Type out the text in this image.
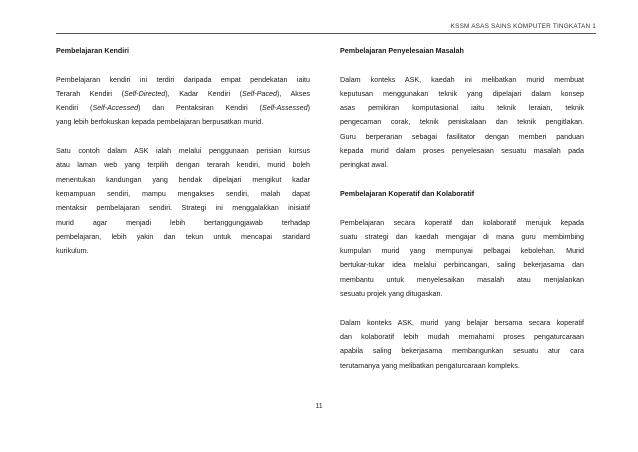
KSSM ASAS SAINS KOMPUTER TINGKATAN 1
Pembelajaran Kendiri
Pembelajaran kendiri ini terdiri daripada empat pendekatan iaitu
Terarah Kendiri (Self-Directed), Kadar Kendiri (Self-Paced), Akses
Kendiri (Self-Accessed) dan Pentaksiran Kendiri (Self-Assessed)
yang lebih berfokuskan kepada pembelajaran berpusatkan murid.
Satu contoh dalam ASK ialah melalui penggunaan perisian kursus
atau laman web yang terpilih dengan terarah kendiri, murid boleh
menentukan kandungan yang hendak dipelajari mengikut kadar
kemampuan sendiri, mampu mengakses sendiri, malah dapat
mentaksir pembelajaran sendiri. Strategi ini menggalakkan inisiatif
murid agar menjadi lebih bertanggungjawab terhadap
pembelajaran, lebih yakin dan tekun untuk mencapai standard
kurikulum.
Pembelajaran Penyelesaian Masalah
Dalam konteks ASK, kaedah ini melibatkan murid membuat
keputusan menggunakan teknik yang dipelajari dalam konsep
asas pemikiran komputasional iaitu teknik leraian, teknik
pengecaman corak, teknik peniskalaan dan teknik pengitlakan.
Guru berperanan sebagai fasilitator dengan memberi panduan
kepada murid dalam proses penyelesaian sesuatu masalah pada
peringkat awal.
Pembelajaran Koperatif dan Kolaboratif
Pembelajaran secara koperatif dan kolaboratif merujuk kepada
suatu strategi dan kaedah mengajar di mana guru membimbing
kumpulan murid yang mempunyai pelbagai kebolehan. Murid
bertukar-tukar idea melalui perbincangan, saling bekerjasama dan
membantu untuk menyelesaikan masalah atau menjalankan
sesuatu projek yang ditugaskan.
Dalam konteks ASK, murid yang belajar bersama secara koperatif
dan kolaboratif lebih mudah memahami proses pengaturcaraan
apabila saling bekerjasama membangunkan sesuatu atur cara
terutamanya yang melibatkan pengaturcaraan kompleks.
11
